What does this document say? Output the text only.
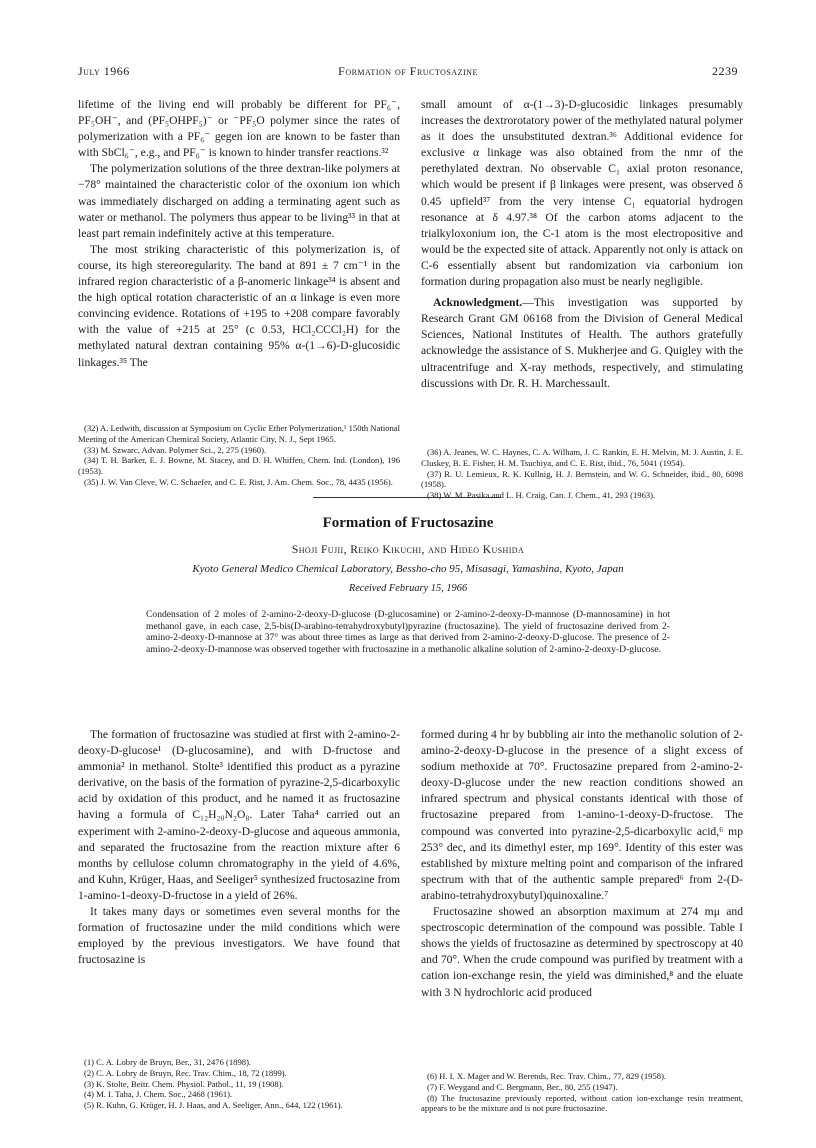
July 1966	Formation of Fructosazine	2239

lifetime of the living end will probably be different for PF₆⁻, PF₅OH⁻, and (PF₅OHPF₅)⁻ or ⁻PF₅O polymer since the rates of polymerization with a PF₆⁻ gegen ion are known to be faster than with SbCl₆⁻, e.g., and PF₆⁻ is known to hinder transfer reactions.³²

The polymerization solutions of the three dextran-like polymers at −78° maintained the characteristic color of the oxonium ion which was immediately discharged on adding a terminating agent such as water or methanol. The polymers thus appear to be living³³ in that at least part remain indefinitely active at this temperature.

The most striking characteristic of this polymerization is, of course, its high stereoregularity. The band at 891 ± 7 cm⁻¹ in the infrared region characteristic of a β-anomeric linkage³⁴ is absent and the high optical rotation characteristic of an α linkage is even more convincing evidence. Rotations of +195 to +208 compare favorably with the value of +215 at 25° (c 0.53, HCl₂CCCl₂H) for the methylated natural dextran containing 95% α-(1→6)-D-glucosidic linkages.³⁵ The

(32) A. Ledwith, discussion at Symposium on Cyclic Ether Polymerization,¹ 150th National Meeting of the American Chemical Society, Atlantic City, N. J., Sept 1965.

(33) M. Szwarc, Advan. Polymer Sci., 2, 275 (1960).

(34) T. H. Barker, E. J. Bowne, M. Stacey, and D. H. Whiffen, Chem. Ind. (London), 196 (1953).

(35) J. W. Van Cleve, W. C. Schaefer, and C. E. Rist, J. Am. Chem. Soc., 78, 4435 (1956).

small amount of α-(1→3)-D-glucosidic linkages presumably increases the dextrorotatory power of the methylated natural polymer as it does the unsubstituted dextran.³⁶ Additional evidence for exclusive α linkage was also obtained from the nmr of the perethylated dextran. No observable C₁ axial proton resonance, which would be present if β linkages were present, was observed δ 0.45 upfield³⁷ from the very intense C₁ equatorial hydrogen resonance at δ 4.97.³⁸ Of the carbon atoms adjacent to the trialkyloxonium ion, the C-1 atom is the most electropositive and would be the expected site of attack. Apparently not only is attack on C-6 essentially absent but randomization via carbonium ion formation during propagation also must be nearly negligible.

Acknowledgment.—This investigation was supported by Research Grant GM 06168 from the Division of General Medical Sciences, National Institutes of Health. The authors gratefully acknowledge the assistance of S. Mukherjee and G. Quigley with the ultracentrifuge and X-ray methods, respectively, and stimulating discussions with Dr. R. H. Marchessault.

(36) A. Jeanes, W. C. Haynes, C. A. Wilham, J. C. Rankin, E. H. Melvin, M. J. Austin, J. E. Cluskey, B. E. Fisher, H. M. Tsuchiya, and C. E. Rist, ibid., 76, 5041 (1954).

(37) R. U. Lemieux, R. K. Kullnig, H. J. Bernstein, and W. G. Schneider, ibid., 80, 6098 (1958).

(38) W. M. Pasika and L. H. Craig, Can. J. Chem., 41, 293 (1963).

Formation of Fructosazine
Shoji Fujii, Reiko Kikuchi, and Hideo Kushida
Kyoto General Medico Chemical Laboratory, Bessho-cho 95, Misasagi, Yamashina, Kyoto, Japan
Received February 15, 1966
Condensation of 2 moles of 2-amino-2-deoxy-D-glucose (D-glucosamine) or 2-amino-2-deoxy-D-mannose (D-mannosamine) in hot methanol gave, in each case, 2,5-bis(D-arabino-tetrahydroxybutyl)pyrazine (fructosazine). The yield of fructosazine derived from 2-amino-2-deoxy-D-mannose at 37° was about three times as large as that derived from 2-amino-2-deoxy-D-glucose. The presence of 2-amino-2-deoxy-D-mannose was observed together with fructosazine in a methanolic alkaline solution of 2-amino-2-deoxy-D-glucose.

The formation of fructosazine was studied at first with 2-amino-2-deoxy-D-glucose¹ (D-glucosamine), and with D-fructose and ammonia² in methanol. Stolte³ identified this product as a pyrazine derivative, on the basis of the formation of pyrazine-2,5-dicarboxylic acid by oxidation of this product, and he named it as fructosazine having a formula of C₁₂H₂₀N₂O₈. Later Taha⁴ carried out an experiment with 2-amino-2-deoxy-D-glucose and aqueous ammonia, and separated the fructosazine from the reaction mixture after 6 months by cellulose column chromatography in the yield of 4.6%, and Kuhn, Krüger, Haas, and Seeliger⁵ synthesized fructosazine from 1-amino-1-deoxy-D-fructose in a yield of 26%.

It takes many days or sometimes even several months for the formation of fructosazine under the mild conditions which were employed by the previous investigators. We have found that fructosazine is

(1) C. A. Lobry de Bruyn, Ber., 31, 2476 (1898).

(2) C. A. Lobry de Bruyn, Rec. Trav. Chim., 18, 72 (1899).

(3) K. Stolte, Beitr. Chem. Physiol. Pathol., 11, 19 (1908).

(4) M. I. Taha, J. Chem. Soc., 2468 (1961).

(5) R. Kuhn, G. Krüger, H. J. Haas, and A. Seeliger, Ann., 644, 122 (1961).

formed during 4 hr by bubbling air into the methanolic solution of 2-amino-2-deoxy-D-glucose in the presence of a slight excess of sodium methoxide at 70°. Fructosazine prepared from 2-amino-2-deoxy-D-glucose under the new reaction conditions showed an infrared spectrum and physical constants identical with those of fructosazine prepared from 1-amino-1-deoxy-D-fructose. The compound was converted into pyrazine-2,5-dicarboxylic acid,⁶ mp 253° dec, and its dimethyl ester, mp 169°. Identity of this ester was established by mixture melting point and comparison of the infrared spectrum with that of the authentic sample prepared⁶ from 2-(D-arabino-tetrahydroxybutyl)quinoxaline.⁷

Fructosazine showed an absorption maximum at 274 mμ and spectroscopic determination of the compound was possible. Table I shows the yields of fructosazine as determined by spectroscopy at 40 and 70°. When the crude compound was purified by treatment with a cation ion-exchange resin, the yield was diminished,⁸ and the eluate with 3 N hydrochloric acid produced

(6) H. I. X. Mager and W. Berends, Rec. Trav. Chim., 77, 829 (1958).

(7) F. Weygand and C. Bergmann, Ber., 80, 255 (1947).

(8) The fructosazine previously reported, without cation ion-exchange resin treatment, appears to be the mixture and is not pure fructosazine.
